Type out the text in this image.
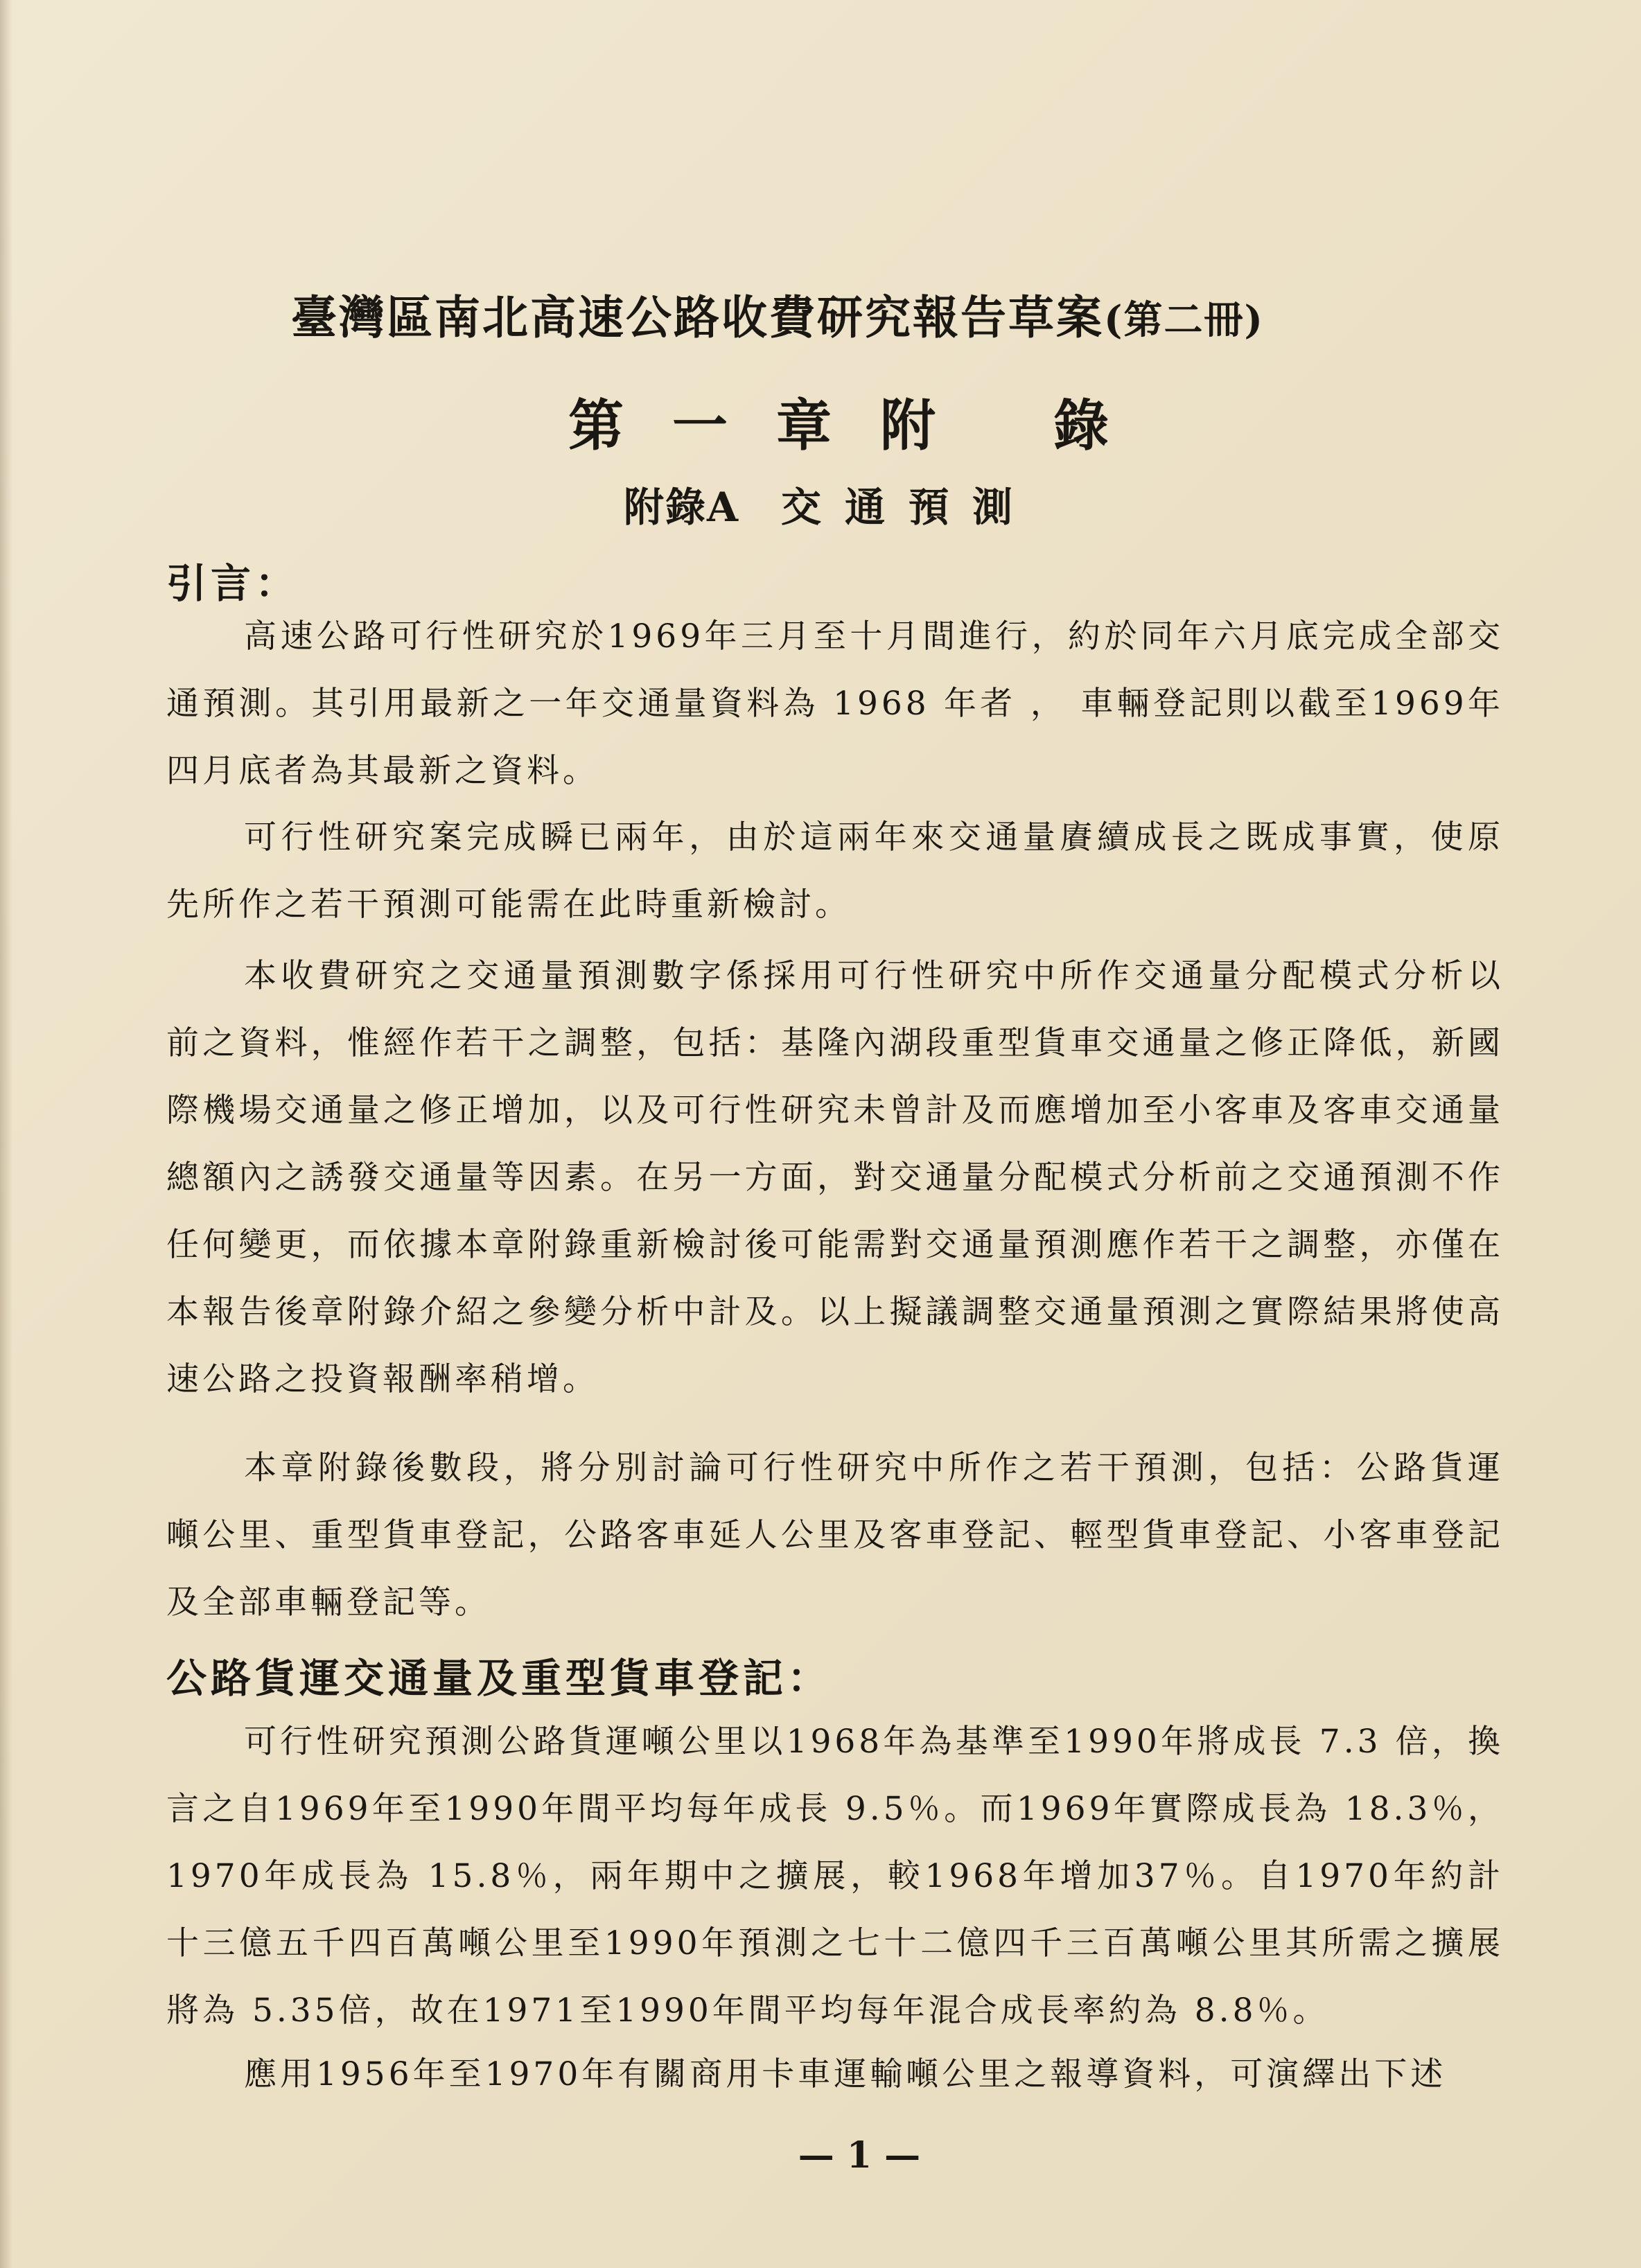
臺灣區南北高速公路收費研究報告草案(第二冊)
第 一 章 附 錄
附錄A 交通預測
引言：

高速公路可行性研究於1969年三月至十月間進行，約於同年六月底完成全部交通預測。其引用最新之一年交通量資料為 1968 年者 ， 車輛登記則以截至1969年四月底者為其最新之資料。

可行性研究案完成瞬已兩年，由於這兩年來交通量賡續成長之既成事實，使原先所作之若干預測可能需在此時重新檢討。

本收費研究之交通量預測數字係採用可行性研究中所作交通量分配模式分析以前之資料，惟經作若干之調整，包括：基隆內湖段重型貨車交通量之修正降低，新國際機場交通量之修正增加，以及可行性研究未曾計及而應增加至小客車及客車交通量總額內之誘發交通量等因素。在另一方面，對交通量分配模式分析前之交通預測不作任何變更，而依據本章附錄重新檢討後可能需對交通量預測應作若干之調整，亦僅在本報告後章附錄介紹之參變分析中計及。以上擬議調整交通量預測之實際結果將使高速公路之投資報酬率稍增。

本章附錄後數段，將分別討論可行性研究中所作之若干預測，包括：公路貨運噸公里、重型貨車登記，公路客車延人公里及客車登記、輕型貨車登記、小客車登記及全部車輛登記等。

公路貨運交通量及重型貨車登記：

可行性研究預測公路貨運噸公里以1968年為基準至1990年將成長 7.3 倍，換言之自1969年至1990年間平均每年成長 9.5％。而1969年實際成長為 18.3％，1970年成長為 15.8％，兩年期中之擴展，較1968年增加37％。自1970年約計十三億五千四百萬噸公里至1990年預測之七十二億四千三百萬噸公里其所需之擴展將為 5.35倍，故在1971至1990年間平均每年混合成長率約為 8.8％。

應用1956年至1970年有關商用卡車運輸噸公里之報導資料，可演繹出下述

— 1 —
